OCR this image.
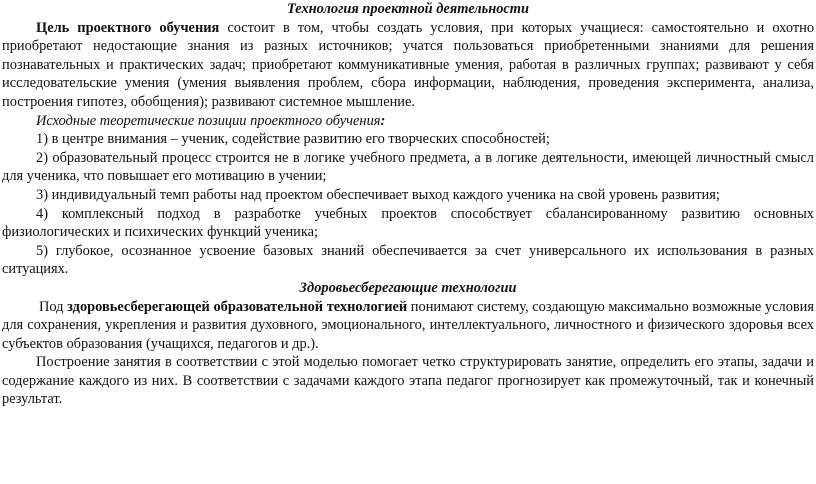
Технология проектной деятельности

Цель проектного обучения состоит в том, чтобы создать условия, при которых учащиеся: самостоятельно и охотно приобретают недостающие знания из разных источников; учатся пользоваться приобретенными знаниями для решения познавательных и практических задач; приобретают коммуникативные умения, работая в различных группах; развивают у себя исследовательские умения (умения выявления проблем, сбора информации, наблюдения, проведения эксперимента, анализа, построения гипотез, обобщения); развивают системное мышление.

Исходные теоретические позиции проектного обучения:

1) в центре внимания – ученик, содействие развитию его творческих способностей;

2) образовательный процесс строится не в логике учебного предмета, а в логике деятельности, имеющей личностный смысл для ученика, что повышает его мотивацию в учении;

3) индивидуальный темп работы над проектом обеспечивает выход каждого ученика на свой уровень развития;

4) комплексный подход в разработке учебных проектов способствует сбалансированному развитию основных физиологических и психических функций ученика;

5) глубокое, осознанное усвоение базовых знаний обеспечивается за счет универсального их использования в разных ситуациях.

Здоровьесберегающие технологии

Под здоровьесберегающей образовательной технологией понимают систему, создающую максимально возможные условия для сохранения, укрепления и развития духовного, эмоционального, интеллектуального, личностного и физического здоровья всех субъектов образования (учащихся, педагогов и др.).

Построение занятия в соответствии с этой моделью помогает четко структурировать занятие, определить его этапы, задачи и содержание каждого из них. В соответствии с задачами каждого этапа педагог прогнозирует как промежуточный, так и конечный результат.
